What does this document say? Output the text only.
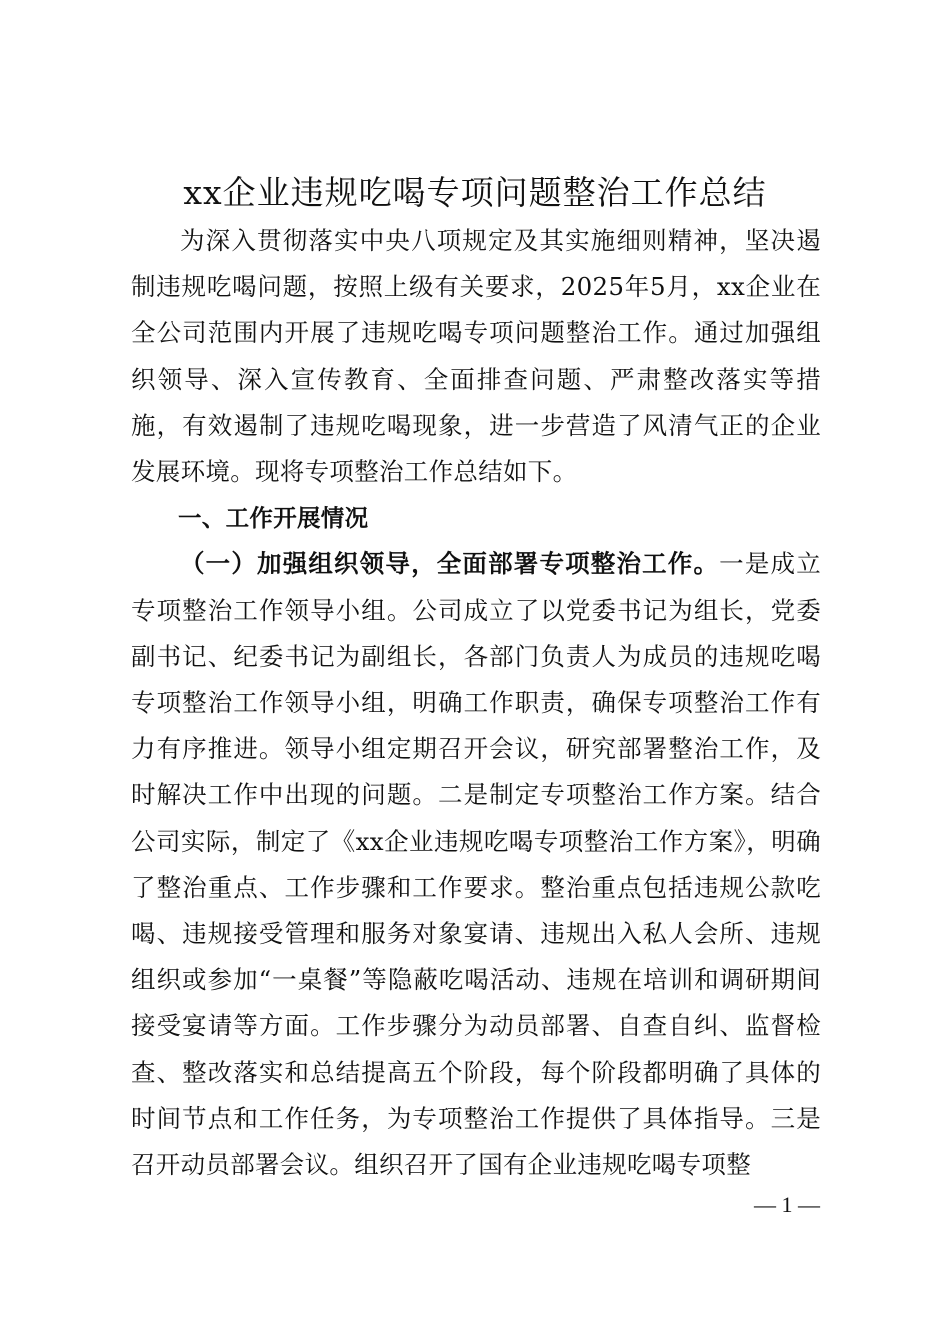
xx企业违规吃喝专项问题整治工作总结

为深入贯彻落实中央八项规定及其实施细则精神，坚决遏制违规吃喝问题，按照上级有关要求，2025年5月，xx企业在全公司范围内开展了违规吃喝专项问题整治工作。通过加强组织领导、深入宣传教育、全面排查问题、严肃整改落实等措施，有效遏制了违规吃喝现象，进一步营造了风清气正的企业发展环境。现将专项整治工作总结如下。

一、工作开展情况

（一）加强组织领导，全面部署专项整治工作。一是成立专项整治工作领导小组。公司成立了以党委书记为组长，党委副书记、纪委书记为副组长，各部门负责人为成员的违规吃喝专项整治工作领导小组，明确工作职责，确保专项整治工作有力有序推进。领导小组定期召开会议，研究部署整治工作，及时解决工作中出现的问题。二是制定专项整治工作方案。结合公司实际，制定了《xx企业违规吃喝专项整治工作方案》，明确了整治重点、工作步骤和工作要求。整治重点包括违规公款吃喝、违规接受管理和服务对象宴请、违规出入私人会所、违规组织或参加“一桌餐”等隐蔽吃喝活动、违规在培训和调研期间接受宴请等方面。工作步骤分为动员部署、自查自纠、监督检查、整改落实和总结提高五个阶段，每个阶段都明确了具体的时间节点和工作任务，为专项整治工作提供了具体指导。三是召开动员部署会议。组织召开了国有企业违规吃喝专项整

— 1 —
